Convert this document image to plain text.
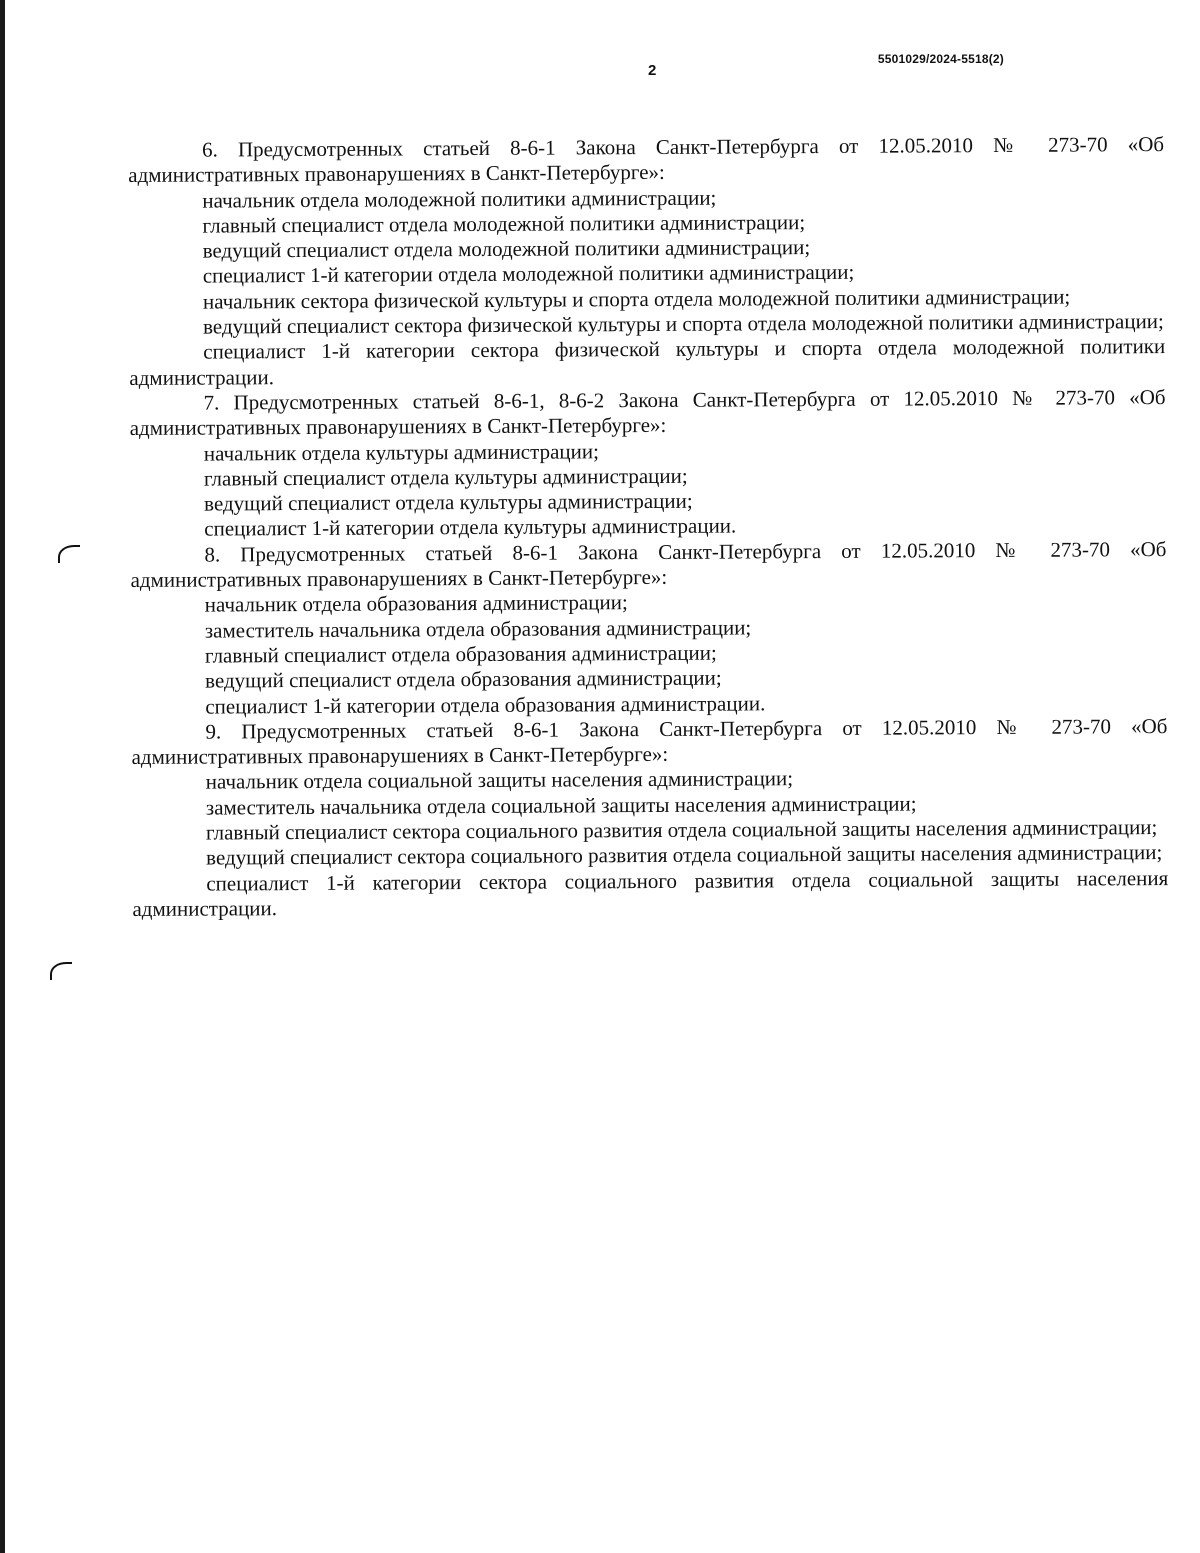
5501029/2024-5518(2)
2

6. Предусмотренных статьей 8-6-1 Закона Санкт-Петербурга от 12.05.2010 № 273-70 «Об административных правонарушениях в Санкт-Петербурге»:

начальник отдела молодежной политики администрации;

главный специалист отдела молодежной политики администрации;

ведущий специалист отдела молодежной политики администрации;

специалист 1-й категории отдела молодежной политики администрации;

начальник сектора физической культуры и спорта отдела молодежной политики администрации;

ведущий специалист сектора физической культуры и спорта отдела молодежной политики администрации;

специалист 1-й категории сектора физической культуры и спорта отдела молодежной политики администрации.

7. Предусмотренных статьей 8-6-1, 8-6-2 Закона Санкт-Петербурга от 12.05.2010 № 273-70 «Об административных правонарушениях в Санкт-Петербурге»:

начальник отдела культуры администрации;

главный специалист отдела культуры администрации;

ведущий специалист отдела культуры администрации;

специалист 1-й категории отдела культуры администрации.

8. Предусмотренных статьей 8-6-1 Закона Санкт-Петербурга от 12.05.2010 № 273-70 «Об административных правонарушениях в Санкт-Петербурге»:

начальник отдела образования администрации;

заместитель начальника отдела образования администрации;

главный специалист отдела образования администрации;

ведущий специалист отдела образования администрации;

специалист 1-й категории отдела образования администрации.

9. Предусмотренных статьей 8-6-1 Закона Санкт-Петербурга от 12.05.2010 № 273-70 «Об административных правонарушениях в Санкт-Петербурге»:

начальник отдела социальной защиты населения администрации;

заместитель начальника отдела социальной защиты населения администрации;

главный специалист сектора социального развития отдела социальной защиты населения администрации;

ведущий специалист сектора социального развития отдела социальной защиты населения администрации;

специалист 1-й категории сектора социального развития отдела социальной защиты населения администрации.
